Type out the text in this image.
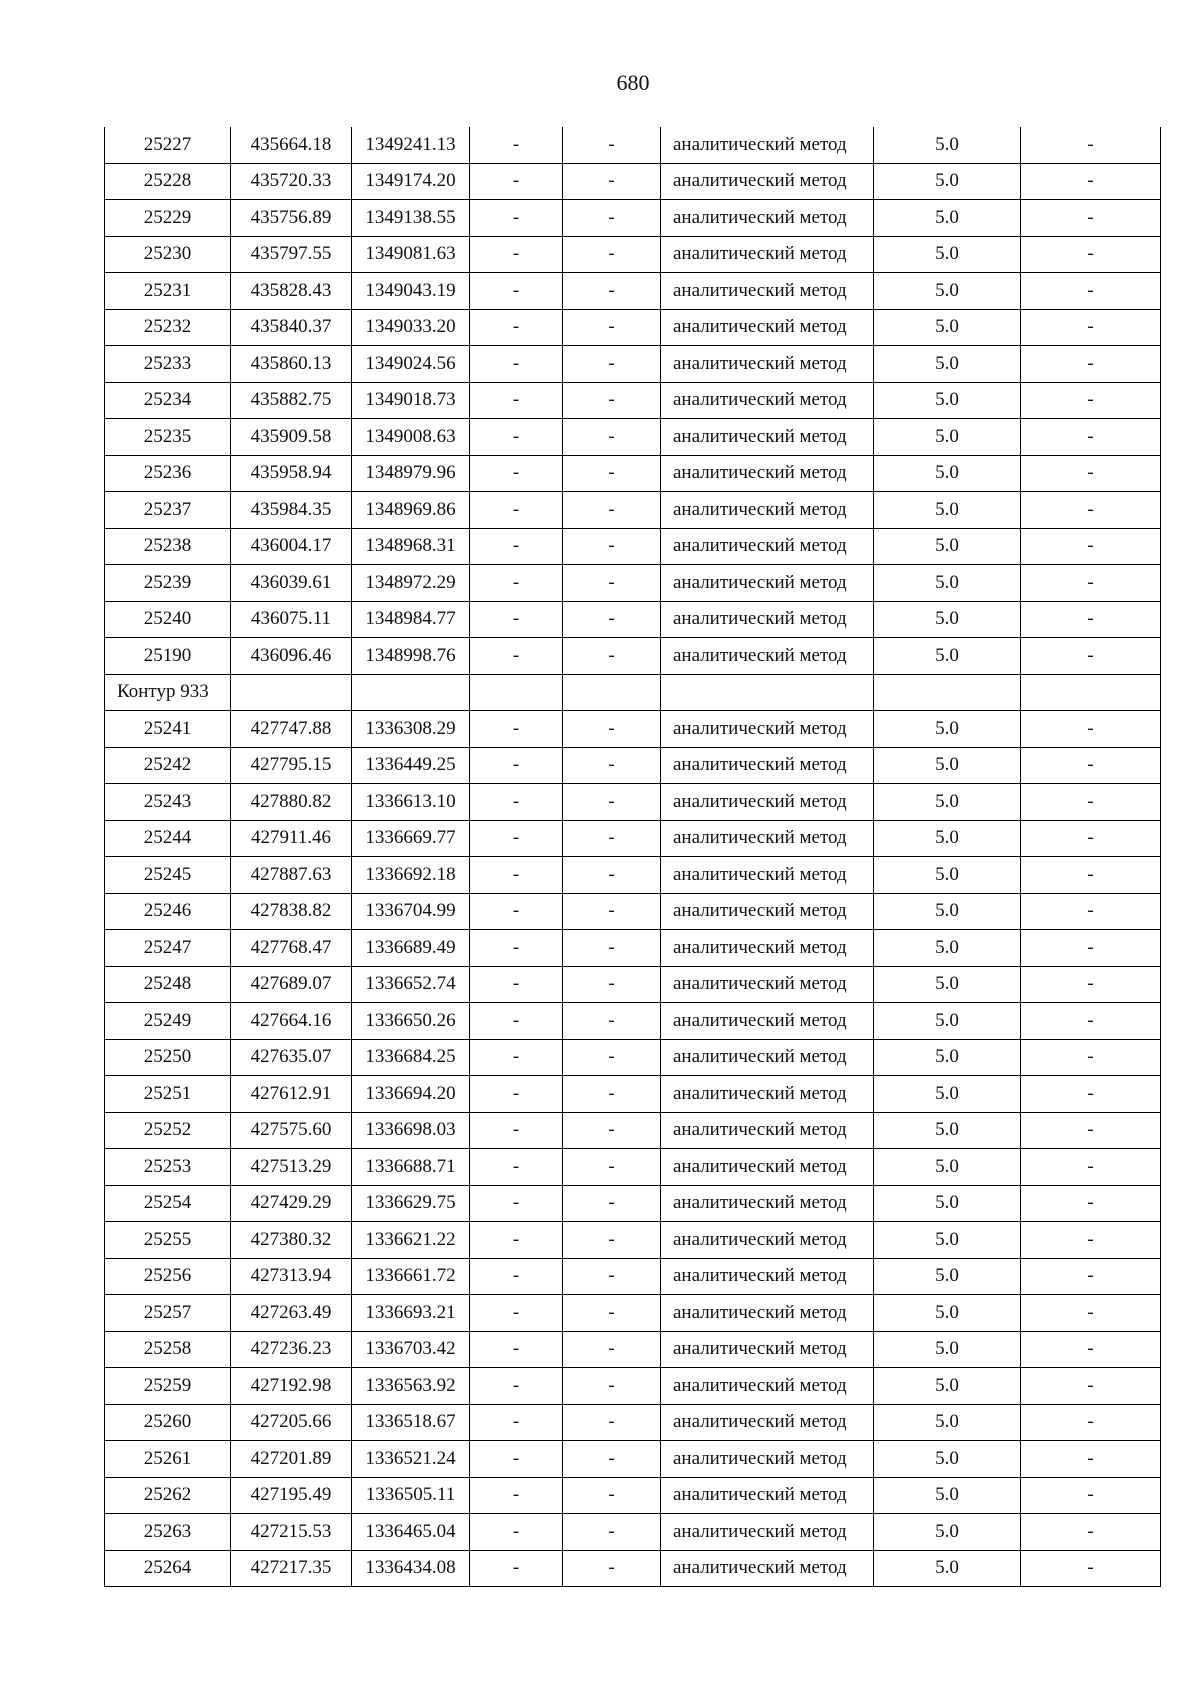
680
25227	435664.18	1349241.13	-	-	аналитический метод	5.0	-
25228	435720.33	1349174.20	-	-	аналитический метод	5.0	-
25229	435756.89	1349138.55	-	-	аналитический метод	5.0	-
25230	435797.55	1349081.63	-	-	аналитический метод	5.0	-
25231	435828.43	1349043.19	-	-	аналитический метод	5.0	-
25232	435840.37	1349033.20	-	-	аналитический метод	5.0	-
25233	435860.13	1349024.56	-	-	аналитический метод	5.0	-
25234	435882.75	1349018.73	-	-	аналитический метод	5.0	-
25235	435909.58	1349008.63	-	-	аналитический метод	5.0	-
25236	435958.94	1348979.96	-	-	аналитический метод	5.0	-
25237	435984.35	1348969.86	-	-	аналитический метод	5.0	-
25238	436004.17	1348968.31	-	-	аналитический метод	5.0	-
25239	436039.61	1348972.29	-	-	аналитический метод	5.0	-
25240	436075.11	1348984.77	-	-	аналитический метод	5.0	-
25190	436096.46	1348998.76	-	-	аналитический метод	5.0	-
Контур 933							
25241	427747.88	1336308.29	-	-	аналитический метод	5.0	-
25242	427795.15	1336449.25	-	-	аналитический метод	5.0	-
25243	427880.82	1336613.10	-	-	аналитический метод	5.0	-
25244	427911.46	1336669.77	-	-	аналитический метод	5.0	-
25245	427887.63	1336692.18	-	-	аналитический метод	5.0	-
25246	427838.82	1336704.99	-	-	аналитический метод	5.0	-
25247	427768.47	1336689.49	-	-	аналитический метод	5.0	-
25248	427689.07	1336652.74	-	-	аналитический метод	5.0	-
25249	427664.16	1336650.26	-	-	аналитический метод	5.0	-
25250	427635.07	1336684.25	-	-	аналитический метод	5.0	-
25251	427612.91	1336694.20	-	-	аналитический метод	5.0	-
25252	427575.60	1336698.03	-	-	аналитический метод	5.0	-
25253	427513.29	1336688.71	-	-	аналитический метод	5.0	-
25254	427429.29	1336629.75	-	-	аналитический метод	5.0	-
25255	427380.32	1336621.22	-	-	аналитический метод	5.0	-
25256	427313.94	1336661.72	-	-	аналитический метод	5.0	-
25257	427263.49	1336693.21	-	-	аналитический метод	5.0	-
25258	427236.23	1336703.42	-	-	аналитический метод	5.0	-
25259	427192.98	1336563.92	-	-	аналитический метод	5.0	-
25260	427205.66	1336518.67	-	-	аналитический метод	5.0	-
25261	427201.89	1336521.24	-	-	аналитический метод	5.0	-
25262	427195.49	1336505.11	-	-	аналитический метод	5.0	-
25263	427215.53	1336465.04	-	-	аналитический метод	5.0	-
25264	427217.35	1336434.08	-	-	аналитический метод	5.0	-
